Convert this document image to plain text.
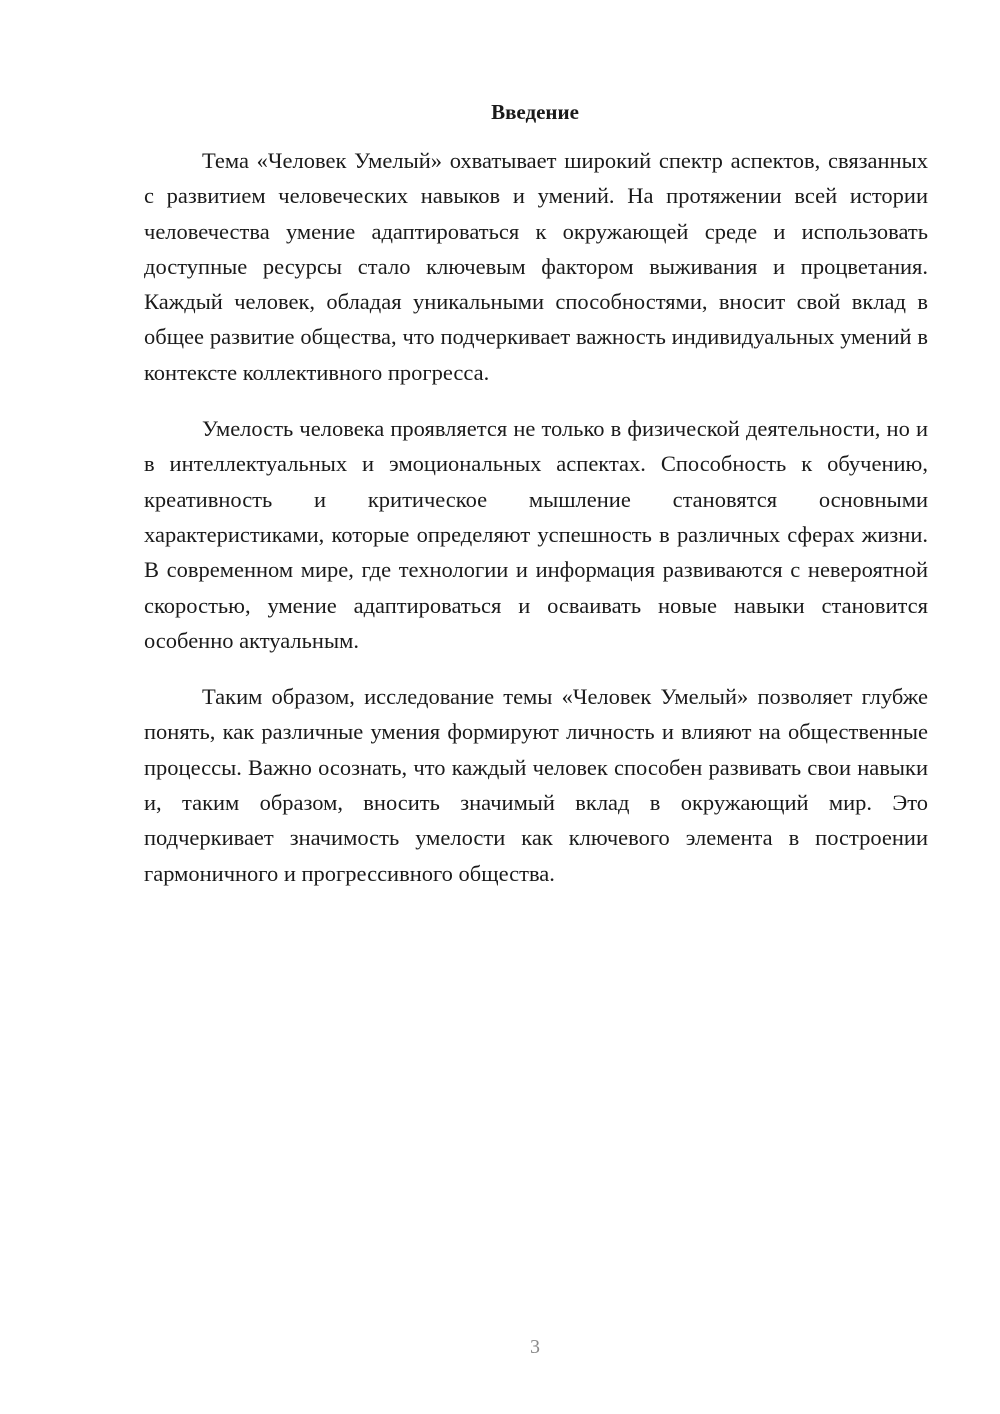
Введение

Тема «Человек Умелый» охватывает широкий спектр аспектов, связанных с развитием человеческих навыков и умений. На протяжении всей истории человечества умение адаптироваться к окружающей среде и использовать доступные ресурсы стало ключевым фактором выживания и процветания. Каждый человек, обладая уникальными способностями, вносит свой вклад в общее развитие общества, что подчеркивает важность индивидуальных умений в контексте коллективного прогресса.

Умелость человека проявляется не только в физической деятельности, но и в интеллектуальных и эмоциональных аспектах. Способность к обучению, креативность и критическое мышление становятся основными характеристиками, которые определяют успешность в различных сферах жизни. В современном мире, где технологии и информация развиваются с невероятной скоростью, умение адаптироваться и осваивать новые навыки становится особенно актуальным.

Таким образом, исследование темы «Человек Умелый» позволяет глубже понять, как различные умения формируют личность и влияют на общественные процессы. Важно осознать, что каждый человек способен развивать свои навыки и, таким образом, вносить значимый вклад в окружающий мир. Это подчеркивает значимость умелости как ключевого элемента в построении гармоничного и прогрессивного общества.

3
